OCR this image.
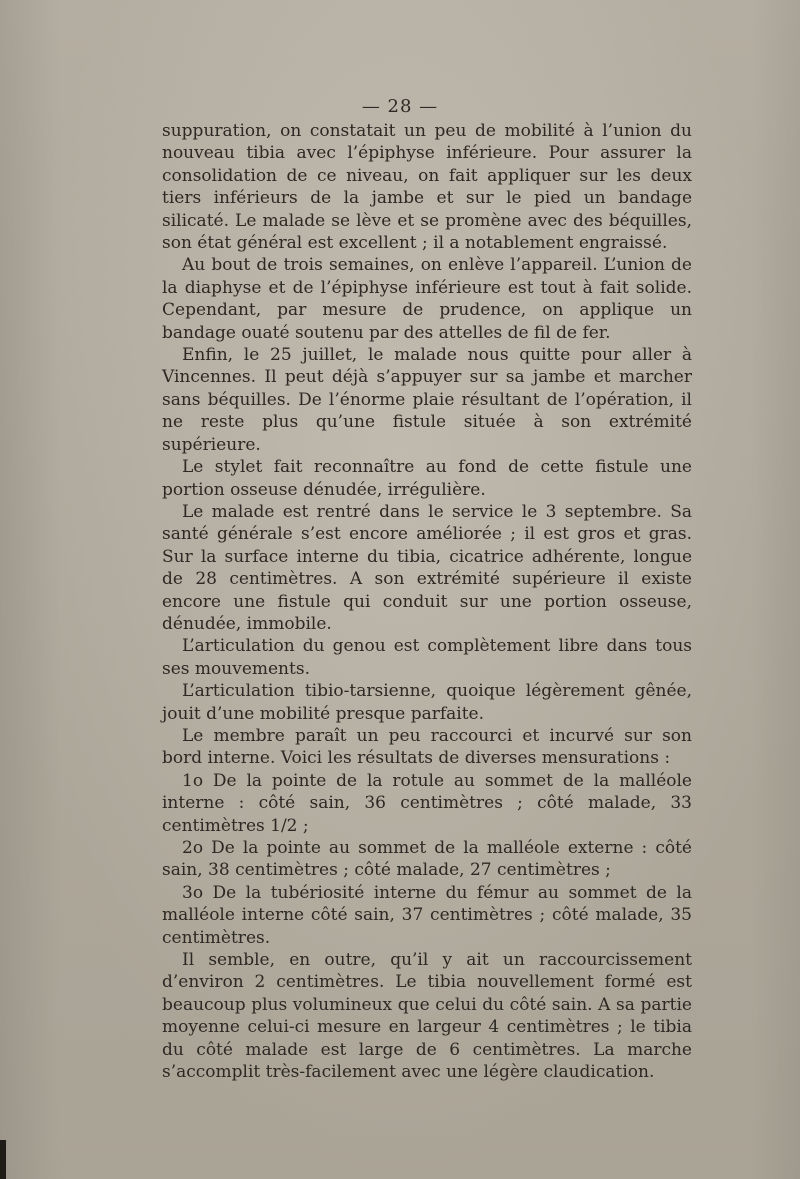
— 28 —

suppuration, on constatait un peu de mobilité à l’union du nouveau tibia avec l’épiphyse inférieure. Pour assurer la consolidation de ce niveau, on fait appliquer sur les deux tiers inférieurs de la jambe et sur le pied un bandage silicaté. Le malade se lève et se promène avec des béquilles, son état général est excellent ; il a notablement engraissé.

Au bout de trois semaines, on enlève l’appareil. L’union de la diaphyse et de l’épiphyse inférieure est tout à fait solide. Cependant, par mesure de prudence, on applique un bandage ouaté soutenu par des attelles de fil de fer.

Enfin, le 25 juillet, le malade nous quitte pour aller à Vincennes. Il peut déjà s’appuyer sur sa jambe et marcher sans béquilles. De l’énorme plaie résultant de l’opération, il ne reste plus qu’une fistule située à son extrémité supérieure.

Le stylet fait reconnaître au fond de cette fistule une portion osseuse dénudée, irrégulière.

Le malade est rentré dans le service le 3 septembre. Sa santé générale s’est encore améliorée ; il est gros et gras. Sur la surface interne du tibia, cicatrice adhérente, longue de 28 centimètres. A son extrémité supérieure il existe encore une fistule qui conduit sur une portion osseuse, dénudée, immobile.

L’articulation du genou est complètement libre dans tous ses mouvements.

L’articulation tibio-tarsienne, quoique légèrement gênée, jouit d’une mobilité presque parfaite.

Le membre paraît un peu raccourci et incurvé sur son bord interne. Voici les résultats de diverses mensurations :

1o De la pointe de la rotule au sommet de la malléole interne : côté sain, 36 centimètres ; côté malade, 33 centimètres 1/2 ;

2o De la pointe au sommet de la malléole externe : côté sain, 38 centimètres ; côté malade, 27 centimètres ;

3o De la tubériosité interne du fémur au sommet de la malléole interne côté sain, 37 centimètres ; côté malade, 35 centimètres.

Il semble, en outre, qu’il y ait un raccourcissement d’environ 2 centimètres. Le tibia nouvellement formé est beaucoup plus volumineux que celui du côté sain. A sa partie moyenne celui-ci mesure en largeur 4 centimètres ; le tibia du côté malade est large de 6 centimètres. La marche s’accomplit très-facilement avec une légère claudication.
